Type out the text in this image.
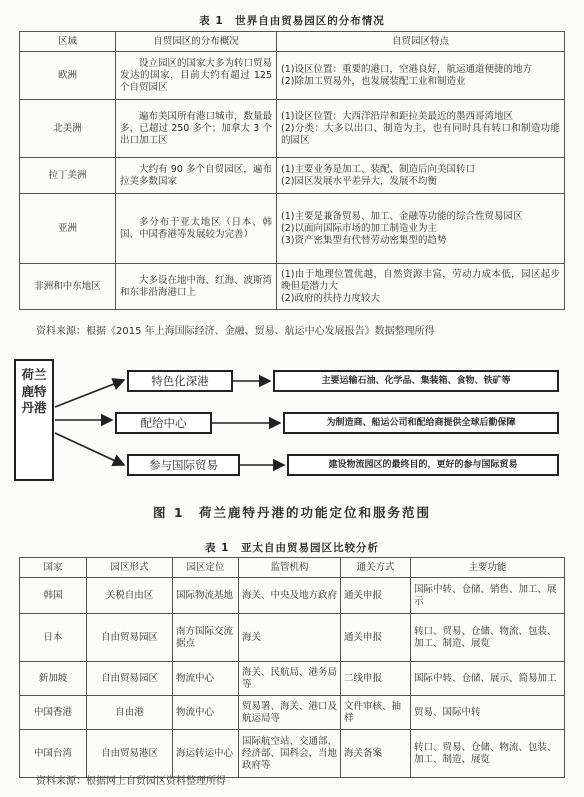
表 1　世界自由贸易园区的分布情况
区域	自贸园区的分布概况	自贸园区特点
欧洲	设立园区的国家大多为转口贸易发达的国家，目前大约有超过 125 个自贸园区	(1)设区位置：重要的港口，空港良好，航运通道便捷的地方
(2)除加工贸易外，也发展装配工业和制造业

北美洲	遍布美国所有港口城市，数量最多，已超过 250 多个；加拿大 3 个出口加工区	(1)设区位置：大西洋沿岸和距拉美最近的墨西哥湾地区
(2)分类：大多以出口、制造为主，也有同时具有转口和制造功能的园区

拉丁美洲	大约有 90 多个自贸园区，遍布拉美多数国家	(1)主要业务是加工、装配、制造后向美国转口
(2)园区发展水平差异大，发展不均衡

亚洲	多分布于亚太地区（日本、韩国、中国香港等发展较为完善）	(1)主要是兼备贸易、加工、金融等功能的综合性贸易园区
(2)以面向国际市场的加工制造业为主
(3)资产密集型有代替劳动密集型的趋势

非洲和中东地区	大多设在地中海、红海、波斯湾和东非沿海港口上	(1)由于地理位置优越，自然资源丰富，劳动力成本低，园区起步晚但是潜力大
(2)政府的扶持力度较大
资料来源：根据《2015 年上海国际经济、金融、贸易、航运中心发展报告》数据整理所得
荷兰鹿特丹港
特色化深港
配给中心
参与国际贸易
主要运输石油、化学品、集装箱、食物、铁矿等
为制造商、船运公司和配给商提供全球后勤保障
建设物流园区的最终目的，更好的参与国际贸易
图 1　荷兰鹿特丹港的功能定位和服务范围
表 1　亚太自由贸易园区比较分析
国家	园区形式	园区定位	监管机构	通关方式	主要功能
韩国	关税自由区	国际物流基地	海关、中央及地方政府	通关申报	国际中转、仓储、销售、加工、展示
日本	自由贸易园区	南方国际交流据点	海关	通关申报	转口、贸易、仓储、物流、包装、加工、制造、展览
新加坡	自由贸易园区	物流中心	海关、民航局、港务局等	二线申报	国际中转、仓储、展示、简易加工
中国香港	自由港	物流中心	贸易署、海关、港口及航运局等	文件审核、抽样	贸易、国际中转
中国台湾	自由贸易港区	海运转运中心	国际航空站、交通部、经济部、国科会、当地政府等	海关备案	转口、贸易、仓储、物流、包装、加工、制造、展览
资料来源：根据网上自贸园区资料整理所得
